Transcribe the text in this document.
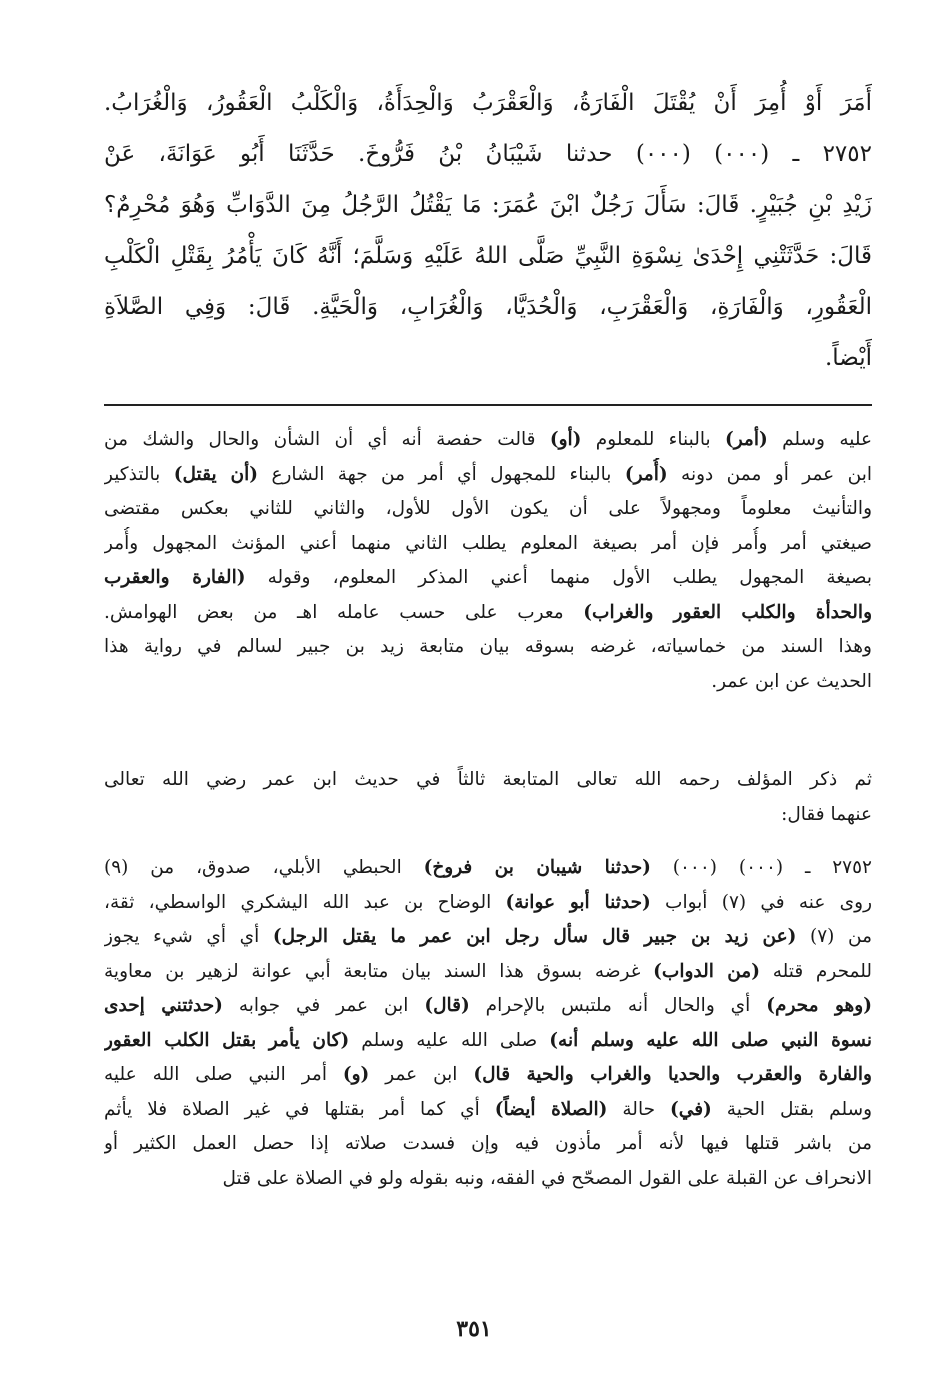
أَمَرَ أَوْ أُمِرَ أَنْ يُقْتَلَ الْفَارَةُ، وَالْعَقْرَبُ وَالْحِدَأَةُ، وَالْكَلْبُ الْعَقُورُ، وَالْغُرَابُ.
٢٧٥٢ ـ (٠٠٠) (٠٠٠) حدثنا شَيْبَانُ بْنُ فَرُّوخَ. حَدَّثَنَا أَبُو عَوَانَةَ، عَنْ
زَيْدِ بْنِ جُبَيْرٍ. قَالَ: سَأَلَ رَجُلٌ ابْنَ عُمَرَ: مَا يَقْتُلُ الرَّجُلُ مِنَ الدَّوَابِّ وَهُوَ مُحْرِمٌ؟
قَالَ: حَدَّثَتْنِي إِحْدَىٰ نِسْوَةِ النَّبِيِّ صَلَّى اللهُ عَلَيْهِ وَسَلَّمَ؛ أَنَّهُ كَانَ يَأْمُرُ بِقَتْلِ الْكَلْبِ
الْعَقُورِ، وَالْفَارَةِ، وَالْعَقْرَبِ، وَالْحُدَيَّا، وَالْغُرَابِ، وَالْحَيَّةِ. قَالَ: وَفِي الصَّلاَةِ
أَيْضاً.
عليه وسلم (أمر) بالبناء للمعلوم (أو) قالت حفصة أنه أي أن الشأن والحال والشك من
ابن عمر أو ممن دونه (أُمر) بالبناء للمجهول أي أمر من جهة الشارع (أن يقتل) بالتذكير
والتأنيث معلوماً ومجهولاً على أن يكون الأول للأول، والثاني للثاني بعكس مقتضى
صيغتي أمر وأُمر فإن أمر بصيغة المعلوم يطلب الثاني منهما أعني المؤنث المجهول وأُمر
بصيغة المجهول يطلب الأول منهما أعني المذكر المعلوم، وقوله (الفارة والعقرب
والحدأة والكلب العقور والغراب) معرب على حسب عامله اهـ من بعض الهوامش.
وهذا السند من خماسياته، غرضه بسوقه بيان متابعة زيد بن جبير لسالم في رواية هذا
الحديث عن ابن عمر.
ثم ذكر المؤلف رحمه الله تعالى المتابعة ثالثاً في حديث ابن عمر رضي الله تعالى
عنهما فقال:
٢٧٥٢ ـ (٠٠٠) (٠٠٠) (حدثنا شيبان بن فروخ) الحبطي الأبلي، صدوق، من (٩)
روى عنه في (٧) أبواب (حدثنا أبو عوانة) الوضاح بن عبد الله اليشكري الواسطي، ثقة،
من (٧) (عن زيد بن جبير قال سأل رجل ابن عمر ما يقتل الرجل) أي أي شيء يجوز
للمحرم قتله (من الدواب) غرضه بسوق هذا السند بيان متابعة أبي عوانة لزهير بن معاوية
(وهو محرم) أي والحال أنه ملتبس بالإحرام (قال) ابن عمر في جوابه (حدثتني إحدى
نسوة النبي صلى الله عليه وسلم أنه) صلى الله عليه وسلم (كان يأمر بقتل الكلب العقور
والفارة والعقرب والحديا والغراب والحية قال) ابن عمر (و) أمر النبي صلى الله عليه
وسلم بقتل الحية (في) حالة (الصلاة أيضاً) أي كما أمر بقتلها في غير الصلاة فلا يأثم
من باشر قتلها فيها لأنه أمر مأذون فيه وإن فسدت صلاته إذا حصل العمل الكثير أو
الانحراف عن القبلة على القول المصحّح في الفقه، ونبه بقوله ولو في الصلاة على قتل
٣٥١
